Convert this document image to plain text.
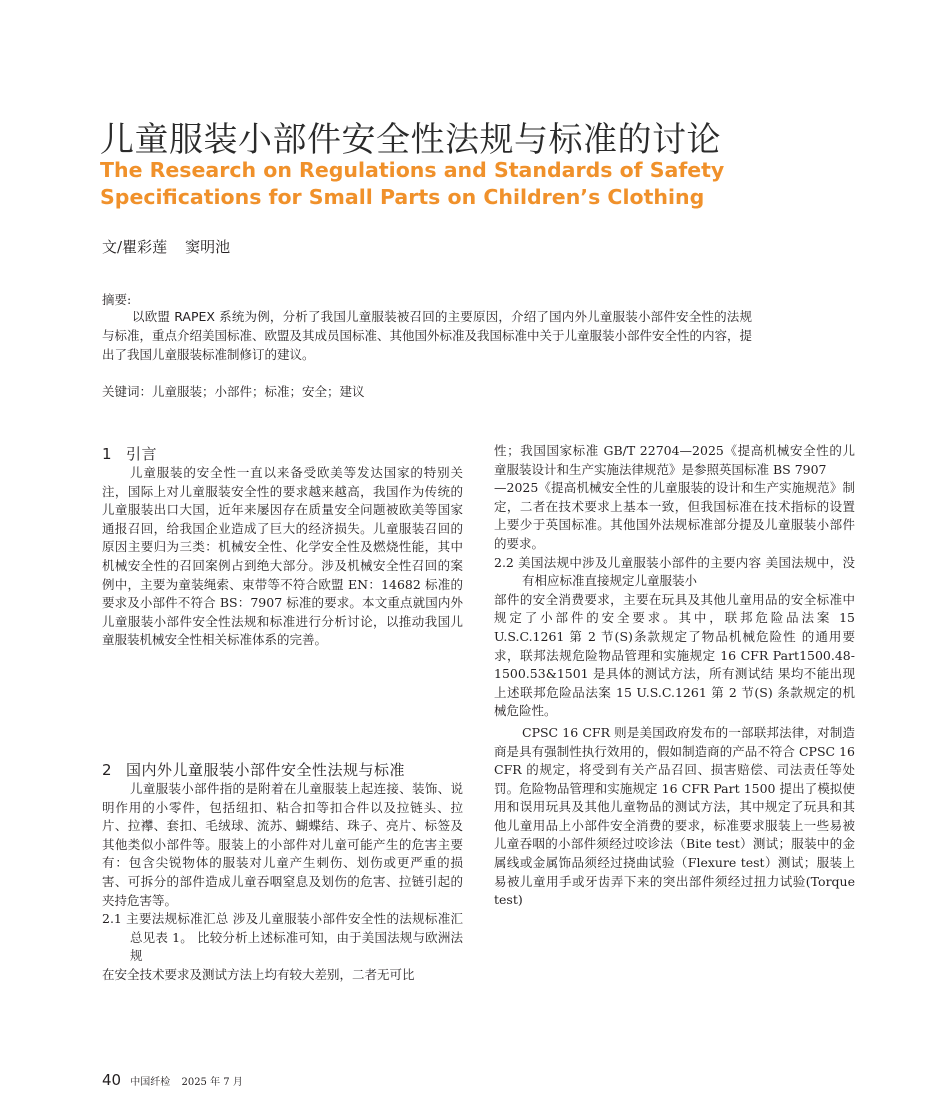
儿童服装小部件安全性法规与标准的讨论
The Research on Regulations and Standards of Safety Specifications for Small Parts on Children’s Clothing
文/瞿彩莲 窦明池
摘要:
以欧盟 RAPEX 系统为例，分析了我国儿童服装被召回的主要原因，介绍了国内外儿童服装小部件安全性的法规与标准，重点介绍美国标准、欧盟及其成员国标准、其他国外标准及我国标准中关于儿童服装小部件安全性的内容，提出了我国儿童服装标准制修订的建议。
关键词：儿童服装；小部件；标准；安全；建议
1 引言

儿童服装的安全性一直以来备受欧美等发达国家的特别关注，国际上对儿童服装安全性的要求越来越高，我国作为传统的儿童服装出口大国，近年来屡因存在质量安全问题被欧美等国家通报召回，给我国企业造成了巨大的经济损失。儿童服装召回的原因主要归为三类：机械安全性、化学安全性及燃烧性能，其中机械安全性的召回案例占到绝大部分。涉及机械安全性召回的案例中，主要为童装绳索、束带等不符合欧盟 EN：14682 标准的要求及小部件不符合 BS：7907 标准的要求。本文重点就国内外儿童服装小部件安全性法规和标准进行分析讨论，以推动我国儿童服装机械安全性相关标准体系的完善。

2 国内外儿童服装小部件安全性法规与标准

儿童服装小部件指的是附着在儿童服装上起连接、装饰、说明作用的小零件，包括纽扣、粘合扣等扣合件以及拉链头、拉片、拉襻、套扣、毛绒球、流苏、蝴蝶结、珠子、亮片、标签及其他类似小部件等。服装上的小部件对儿童可能产生的危害主要有：包含尖锐物体的服装对儿童产生刺伤、划伤或更严重的损害、可拆分的部件造成儿童吞咽窒息及划伤的危害、拉链引起的夹持危害等。

2.1 主要法规标准汇总 涉及儿童服装小部件安全性的法规标准汇总见表 1。 比较分析上述标准可知，由于美国法规与欧洲法规

在安全技术要求及测试方法上均有较大差别，二者无可比

性；我国国家标准 GB/T 22704—2025《提高机械安全性的儿童服装设计和生产实施法律规范》是参照英国标准 BS 7907

—2025《提高机械安全性的儿童服装的设计和生产实施规范》制定，二者在技术要求上基本一致，但我国标准在技术指标的设置上要少于英国标准。其他国外法规标准部分提及儿童服装小部件的要求。

2.2 美国法规中涉及儿童服装小部件的主要内容 美国法规中，没有相应标准直接规定儿童服装小

部件的安全消费要求，主要在玩具及其他儿童用品的安全标准中规定了小部件的安全要求。其中，联邦危险品法案 15 U.S.C.1261 第 2 节(S)条款规定了物品机械危险性 的通用要求，联邦法规危险物品管理和实施规定 16 CFR Part1500.48-1500.53&1501 是具体的测试方法，所有测试结 果均不能出现上述联邦危险品法案 15 U.S.C.1261 第 2 节(S) 条款规定的机械危险性。

CPSC 16 CFR 则是美国政府发布的一部联邦法律，对制造商是具有强制性执行效用的，假如制造商的产品不符合 CPSC 16 CFR 的规定，将受到有关产品召回、损害赔偿、司法责任等处罚。危险物品管理和实施规定 16 CFR Part 1500 提出了模拟使用和误用玩具及其他儿童物品的测试方法，其中规定了玩具和其他儿童用品上小部件安全消费的要求，标准要求服装上一些易被儿童吞咽的小部件须经过咬诊法（Bite test）测试；服装中的金属线或金属饰品须经过挠曲试验（Flexure test）测试；服装上易被儿童用手或牙齿弄下来的突出部件须经过扭力试验(Torque test)

40 中国纤检 2025 年 7 月
